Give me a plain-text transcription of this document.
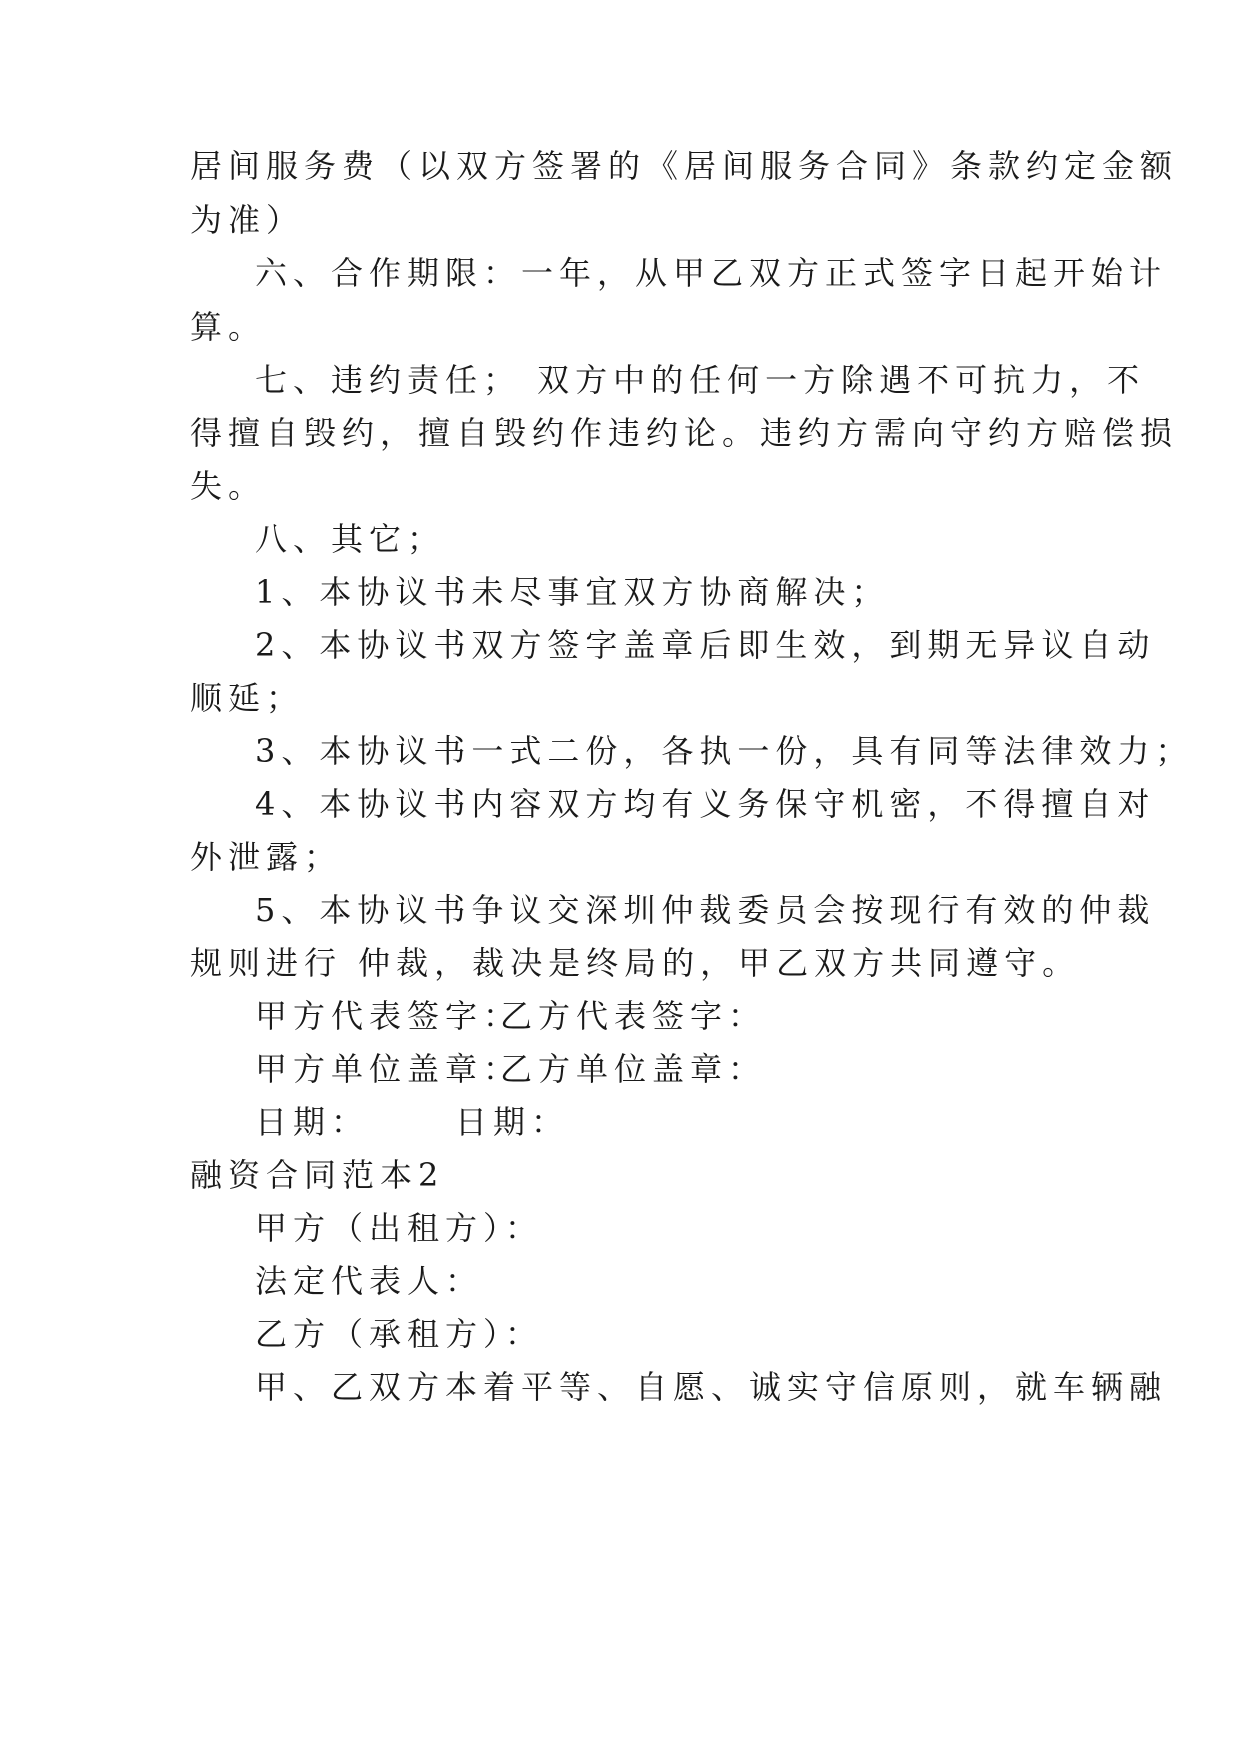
居间服务费（以双方签署的《居间服务合同》条款约定金额
为准）
六、合作期限：一年，从甲乙双方正式签字日起开始计
算。
七、违约责任； 双方中的任何一方除遇不可抗力，不
得擅自毁约，擅自毁约作违约论。违约方需向守约方赔偿损
失。
八、其它；
1、本协议书未尽事宜双方协商解决；
2、本协议书双方签字盖章后即生效，到期无异议自动
顺延；
3、本协议书一式二份，各执一份，具有同等法律效力；
4、本协议书内容双方均有义务保守机密，不得擅自对
外泄露；
5、本协议书争议交深圳仲裁委员会按现行有效的仲裁
规则进行 仲裁，裁决是终局的，甲乙双方共同遵守。
甲方代表签字：
乙方代表签字：
甲方单位盖章：
乙方单位盖章：
日期：	日期：
融资合同范本2
甲方（出租方）：
法定代表人：
乙方（承租方）：
甲、乙双方本着平等、自愿、诚实守信原则，就车辆融
